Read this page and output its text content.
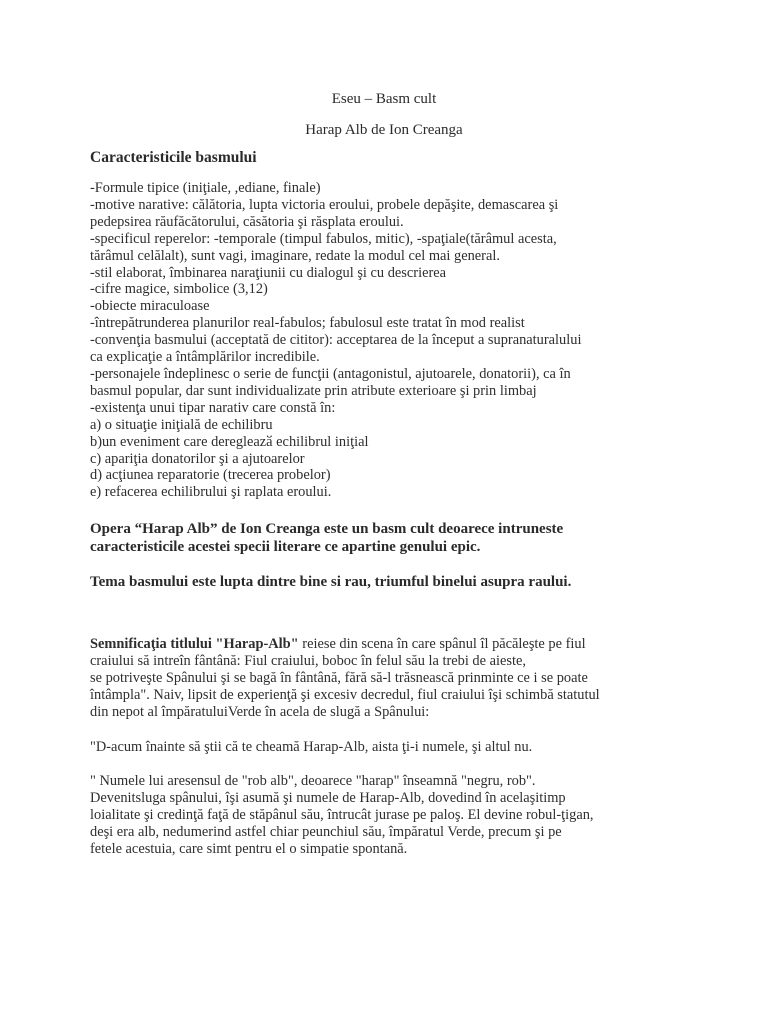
Eseu – Basm cult
Harap Alb de Ion Creanga
Caracteristicile basmului
-Formule tipice (iniţiale, ,ediane, finale)
-motive narative: călătoria, lupta victoria eroului, probele depăşite, demascarea şi
pedepsirea răufăcătorului, căsătoria şi răsplata eroului.
-specificul reperelor: -temporale (timpul fabulos, mitic), -spaţiale(tărâmul acesta,
tărâmul celălalt), sunt vagi, imaginare, redate la modul cel mai general.
-stil elaborat, îmbinarea naraţiunii cu dialogul şi cu descrierea
-cifre magice, simbolice (3,12)
-obiecte miraculoase
-întrepătrunderea planurilor real-fabulos; fabulosul este tratat în mod realist
-convenţia basmului (acceptată de cititor): acceptarea de la început a supranaturalului
ca explicaţie a întâmplărilor incredibile.
-personajele îndeplinesc o serie de funcţii (antagonistul, ajutoarele, donatorii), ca în
basmul popular, dar sunt individualizate prin atribute exterioare şi prin limbaj
-existenţa unui tipar narativ care constă în:
a) o situaţie iniţială de echilibru
b)un eveniment care deregleazӑ echilibrul iniţial
c) apariţia donatorilor şi a ajutoarelor
d) acţiunea reparatorie (trecerea probelor)
e) refacerea echilibrului şi raplata eroului.
Opera “Harap Alb” de Ion Creanga este un basm cult deoarece intruneste
caracteristicile acestei specii literare ce apartine genului epic.
Tema basmului este lupta dintre bine si rau, triumful binelui asupra raului.
Semnificaţia titlului "Harap-Alb" reiese din scena în care spânul îl păcăleşte pe fiul
craiului să intreîn fântână: Fiul craiului, boboc în felul său la trebi de aieste,
se potriveşte Spânului şi se bagă în fântână, fără să-l trăsnească prinminte ce i se poate
întâmpla". Naiv, lipsit de experienţă şi excesiv decredul, fiul craiului îşi schimbă statutul
din nepot al împăratuluiVerde în acela de slugă a Spânului:
"D-acum înainte să ştii că te cheamă Harap-Alb, aista ţi-i numele, şi altul nu.
" Numele lui aresensul de "rob alb", deoarece "harap" înseamnă "negru, rob".
Devenitsluga spânului, îşi asumă şi numele de Harap-Alb, dovedind în acelaşitimp
loialitate şi credinţă faţă de stăpânul său, întrucât jurase pe paloş. El devine robul-ţigan,
deşi era alb, nedumerind astfel chiar peunchiul său, împăratul Verde, precum şi pe
fetele acestuia, care simt pentru el o simpatie spontană.
